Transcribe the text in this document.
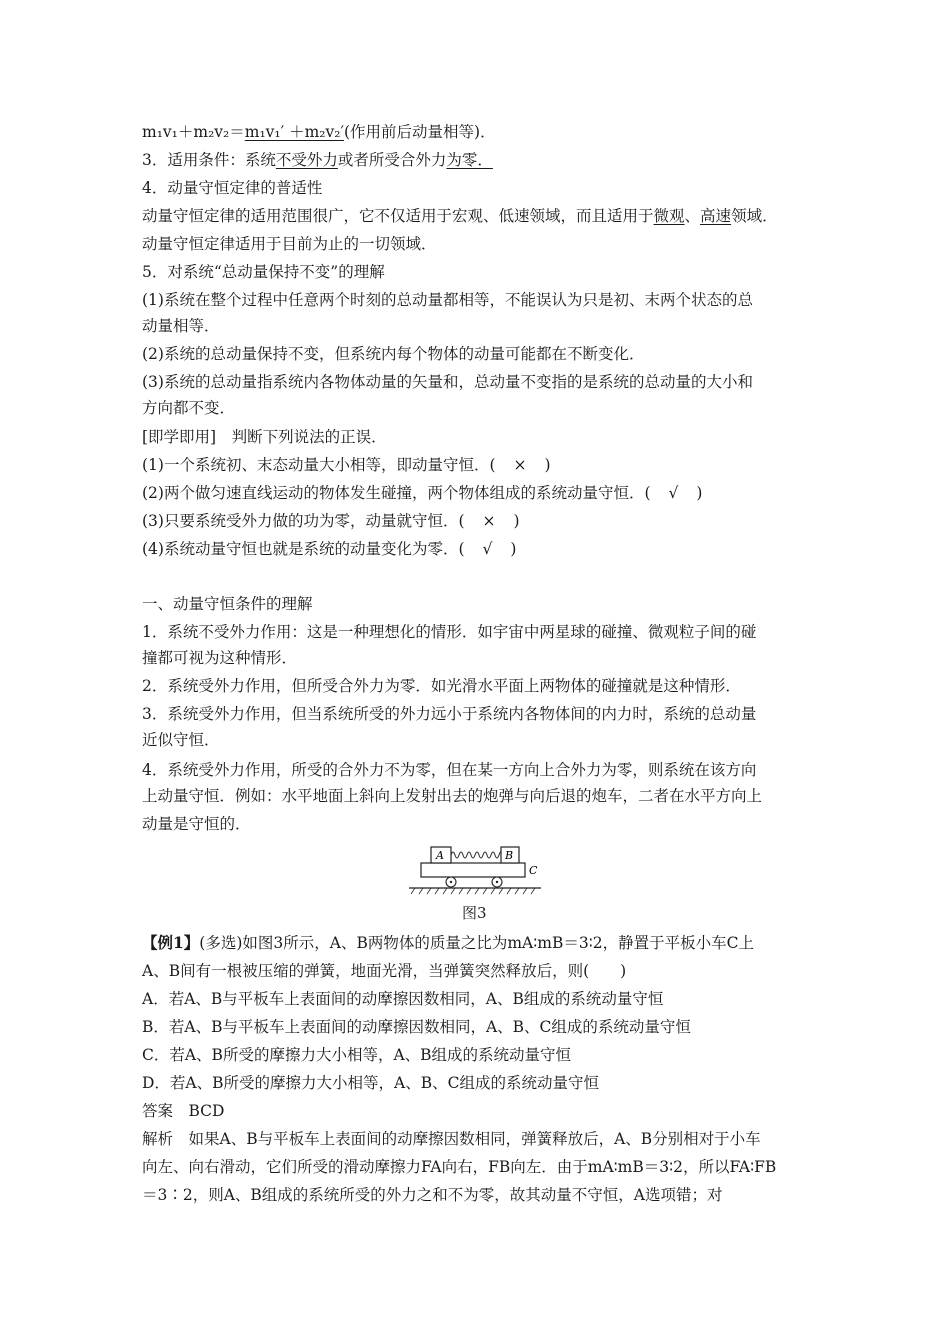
m₁v₁＋m₂v₂＝m₁v₁′ ＋m₂v₂′(作用前后动量相等)．
3．适用条件：系统不受外力或者所受合外力为零．
4．动量守恒定律的普适性
动量守恒定律的适用范围很广，它不仅适用于宏观、低速领域，而且适用于微观、高速领域．
动量守恒定律适用于目前为止的一切领域．
5．对系统“总动量保持不变”的理解
(1)系统在整个过程中任意两个时刻的总动量都相等，不能误认为只是初、末两个状态的总
动量相等．
(2)系统的总动量保持不变，但系统内每个物体的动量可能都在不断变化．
(3)系统的总动量指系统内各物体动量的矢量和，总动量不变指的是系统的总动量的大小和
方向都不变．
[即学即用]　判断下列说法的正误．
(1)一个系统初、末态动量大小相等，即动量守恒．( × )
(2)两个做匀速直线运动的物体发生碰撞，两个物体组成的系统动量守恒．( √ )
(3)只要系统受外力做的功为零，动量就守恒．( × )
(4)系统动量守恒也就是系统的动量变化为零．( √ )
一、动量守恒条件的理解
1．系统不受外力作用：这是一种理想化的情形．如宇宙中两星球的碰撞、微观粒子间的碰
撞都可视为这种情形．
2．系统受外力作用，但所受合外力为零．如光滑水平面上两物体的碰撞就是这种情形．
3．系统受外力作用，但当系统所受的外力远小于系统内各物体间的内力时，系统的总动量
近似守恒．
4．系统受外力作用，所受的合外力不为零，但在某一方向上合外力为零，则系统在该方向
上动量守恒．例如：水平地面上斜向上发射出去的炮弹与向后退的炮车，二者在水平方向上
动量是守恒的．
A	B
C
图3
【例1】(多选)如图3所示，A、B两物体的质量之比为mA∶mB＝3∶2，静置于平板小车C上
A、B间有一根被压缩的弹簧，地面光滑，当弹簧突然释放后，则(　　)
A．若A、B与平板车上表面间的动摩擦因数相同，A、B组成的系统动量守恒
B．若A、B与平板车上表面间的动摩擦因数相同，A、B、C组成的系统动量守恒
C．若A、B所受的摩擦力大小相等，A、B组成的系统动量守恒
D．若A、B所受的摩擦力大小相等，A、B、C组成的系统动量守恒
答案　BCD
解析　如果A、B与平板车上表面间的动摩擦因数相同，弹簧释放后，A、B分别相对于小车
向左、向右滑动，它们所受的滑动摩擦力FA向右，FB向左．由于mA∶mB＝3∶2，所以FA∶FB
＝3∶2，则A、B组成的系统所受的外力之和不为零，故其动量不守恒，A选项错；对
